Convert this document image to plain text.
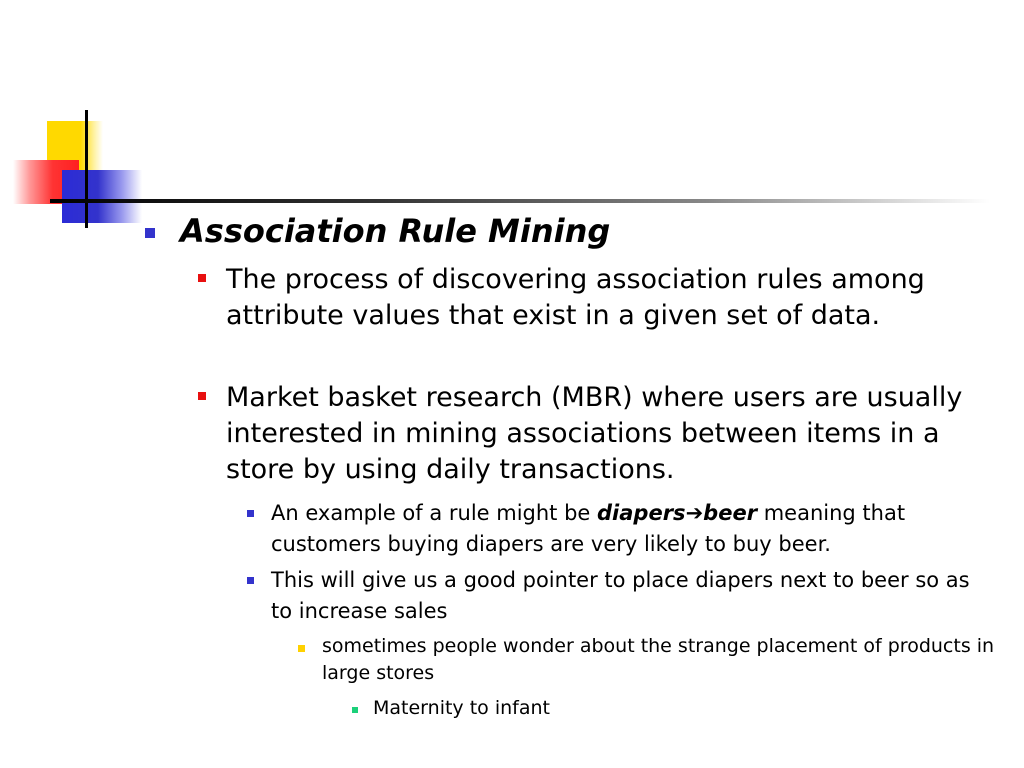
Association Rule Mining
The process of discovering association rules among attribute values that exist in a given set of data.
Market basket research (MBR) where users are usually interested in mining associations between items in a store by using daily transactions.
An example of a rule might be diapers➔beer meaning that customers buying diapers are very likely to buy beer.
This will give us a good pointer to place diapers next to beer so as to increase sales
sometimes people wonder about the strange placement of products in large stores
Maternity to infant
